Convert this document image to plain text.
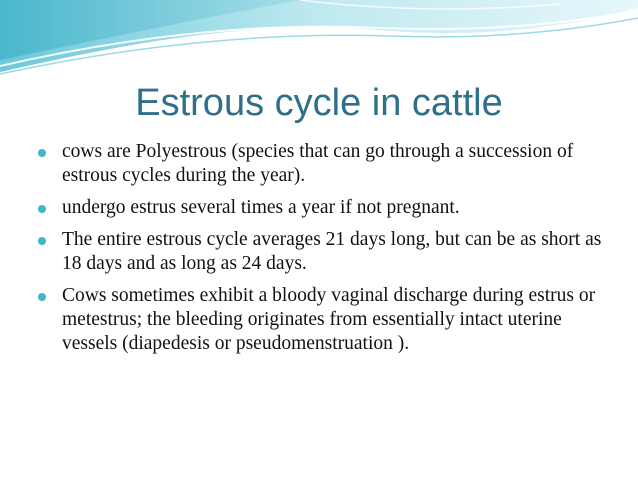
Estrous cycle in cattle
cows are Polyestrous (species that can go through a succession of estrous cycles during the year).
undergo estrus several times a year if not pregnant.
The entire estrous cycle averages 21 days long, but can be as short as 18 days and as long as 24 days.
Cows sometimes exhibit a bloody vaginal discharge during estrus or metestrus; the bleeding originates from essentially intact uterine vessels (diapedesis or pseudomenstruation ).
